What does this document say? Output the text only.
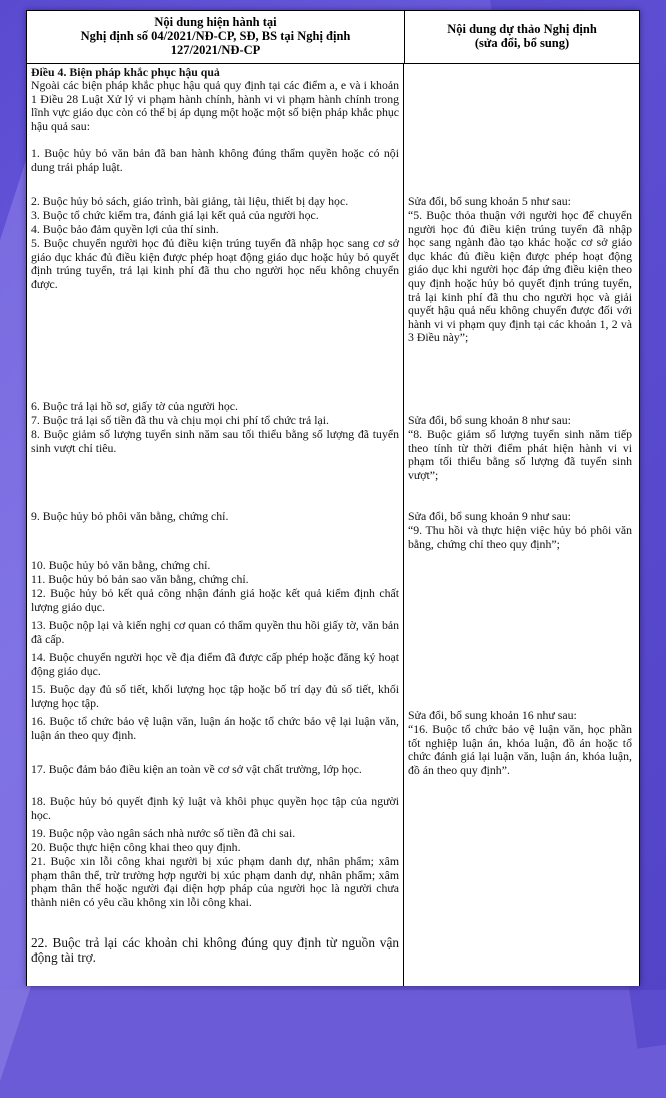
Nội dung hiện hành tại
Nghị định số 04/2021/NĐ-CP, SĐ, BS tại Nghị định
127/2021/NĐ-CP
Nội dung dự thảo Nghị định
(sửa đổi, bổ sung)
Điều 4. Biện pháp khắc phục hậu quả
Ngoài các biện pháp khắc phục hậu quả quy định tại các điểm a, e và i khoản 1 Điều 28 Luật Xử lý vi phạm hành chính, hành vi vi phạm hành chính trong lĩnh vực giáo dục còn có thể bị áp dụng một hoặc một số biện pháp khắc phục hậu quả sau:
1. Buộc hủy bỏ văn bản đã ban hành không đúng thẩm quyền hoặc có nội dung trái pháp luật.
2. Buộc hủy bỏ sách, giáo trình, bài giảng, tài liệu, thiết bị dạy học.
3. Buộc tổ chức kiểm tra, đánh giá lại kết quả của người học.
4. Buộc bảo đảm quyền lợi của thí sinh.
5. Buộc chuyển người học đủ điều kiện trúng tuyển đã nhập học sang cơ sở giáo dục khác đủ điều kiện được phép hoạt động giáo dục hoặc hủy bỏ quyết định trúng tuyển, trả lại kinh phí đã thu cho người học nếu không chuyển được.
6. Buộc trả lại hồ sơ, giấy tờ của người học.
7. Buộc trả lại số tiền đã thu và chịu mọi chi phí tổ chức trả lại.
8. Buộc giảm số lượng tuyển sinh năm sau tối thiểu bằng số lượng đã tuyển sinh vượt chỉ tiêu.
9. Buộc hủy bỏ phôi văn bằng, chứng chỉ.
10. Buộc hủy bỏ văn bằng, chứng chỉ.
11. Buộc hủy bỏ bản sao văn bằng, chứng chỉ.
12. Buộc hủy bỏ kết quả công nhận đánh giá hoặc kết quả kiểm định chất lượng giáo dục.
13. Buộc nộp lại và kiến nghị cơ quan có thẩm quyền thu hồi giấy tờ, văn bản đã cấp.
14. Buộc chuyển người học về địa điểm đã được cấp phép hoặc đăng ký hoạt động giáo dục.
15. Buộc dạy đủ số tiết, khối lượng học tập hoặc bố trí dạy đủ số tiết, khối lượng học tập.
16. Buộc tổ chức bảo vệ luận văn, luận án hoặc tổ chức bảo vệ lại luận văn, luận án theo quy định.
17. Buộc đảm bảo điều kiện an toàn về cơ sở vật chất trường, lớp học.
18. Buộc hủy bỏ quyết định kỷ luật và khôi phục quyền học tập của người học.
19. Buộc nộp vào ngân sách nhà nước số tiền đã chi sai.
20. Buộc thực hiện công khai theo quy định.
21. Buộc xin lỗi công khai người bị xúc phạm danh dự, nhân phẩm; xâm phạm thân thể, trừ trường hợp người bị xúc phạm danh dự, nhân phẩm; xâm phạm thân thể hoặc người đại diện hợp pháp của người học là người chưa thành niên có yêu cầu không xin lỗi công khai.
22. Buộc trả lại các khoản chi không đúng quy định từ nguồn vận động tài trợ.
Sửa đổi, bổ sung khoản 5 như sau:
“5. Buộc thỏa thuận với người học để chuyển người học đủ điều kiện trúng tuyển đã nhập học sang ngành đào tạo khác hoặc cơ sở giáo dục khác đủ điều kiện được phép hoạt động giáo dục khi người học đáp ứng điều kiện theo quy định hoặc hủy bỏ quyết định trúng tuyển, trả lại kinh phí đã thu cho người học và giải quyết hậu quả nếu không chuyển được đối với hành vi vi phạm quy định tại các khoản 1, 2 và 3 Điều này”;
Sửa đổi, bổ sung khoản 8 như sau:
“8. Buộc giảm số lượng tuyển sinh năm tiếp theo tính từ thời điểm phát hiện hành vi vi phạm tối thiểu bằng số lượng đã tuyển sinh vượt”;
Sửa đổi, bổ sung khoản 9 như sau:
“9. Thu hồi và thực hiện việc hủy bỏ phôi văn bằng, chứng chỉ theo quy định”;
Sửa đổi, bổ sung khoản 16 như sau:
“16. Buộc tổ chức bảo vệ luận văn, học phần tốt nghiệp luận án, khóa luận, đồ án hoặc tổ chức đánh giá lại luận văn, luận án, khóa luận, đồ án theo quy định”.
